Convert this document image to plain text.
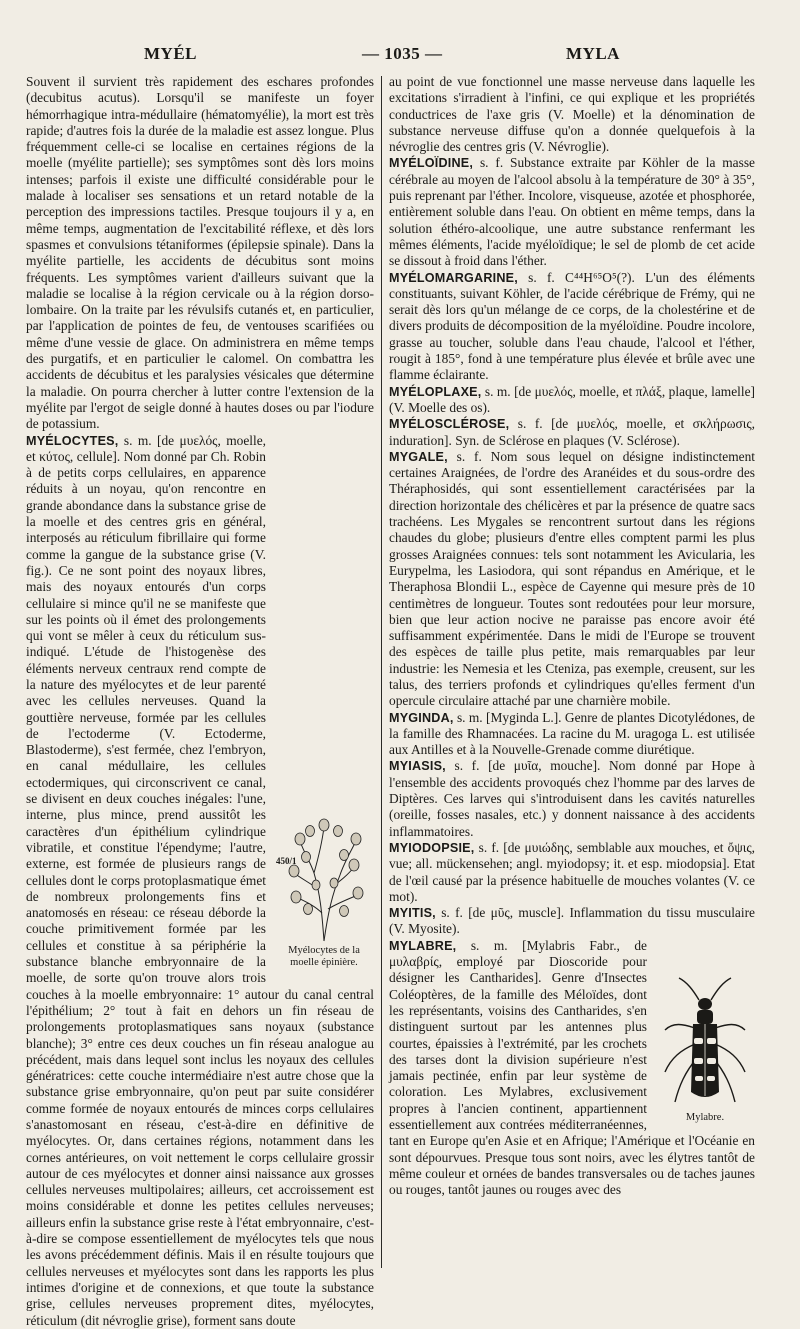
MYÉL	— 1035 —	MYLA

Souvent il survient très rapidement des eschares profondes (decubitus acutus). Lorsqu'il se manifeste un foyer hémorrhagique intra-médullaire (hématomyélie), la mort est très rapide; d'autres fois la durée de la maladie est assez longue. Plus fréquemment celle-ci se localise en certaines régions de la moelle (myélite partielle); ses symptômes sont dès lors moins intenses; parfois il existe une difficulté considérable pour le malade à localiser ses sensations et un retard notable de la perception des impressions tactiles. Presque toujours il y a, en même temps, augmentation de l'excitabilité réflexe, et dès lors spasmes et convulsions tétaniformes (épilepsie spinale). Dans la myélite partielle, les accidents de décubitus sont moins fréquents. Les symptômes varient d'ailleurs suivant que la maladie se localise à la région cervicale ou à la région dorso-lombaire. On la traite par les révulsifs cutanés et, en particulier, par l'application de pointes de feu, de ventouses scarifiées ou même d'une vessie de glace. On administrera en même temps des purgatifs, et en particulier le calomel. On combattra les accidents de décubitus et les paralysies vésicales que détermine la maladie. On pourra chercher à lutter contre l'extension de la myélite par l'ergot de seigle donné à hautes doses ou par l'iodure de potassium.

450/1
Myélocytes de la moelle épinière.

MYÉLOCYTES, s. m. [de μυελός, moelle, et κύτος, cellule]. Nom donné par Ch. Robin à de petits corps cellulaires, en apparence réduits à un noyau, qu'on rencontre en grande abondance dans la substance grise de la moelle et des centres gris en général, interposés au réticulum fibrillaire qui forme comme la gangue de la substance grise (V. fig.). Ce ne sont point des noyaux libres, mais des noyaux entourés d'un corps cellulaire si mince qu'il ne se manifeste que sur les points où il émet des prolongements qui vont se mêler à ceux du réticulum sus-indiqué. L'étude de l'histogenèse des éléments nerveux centraux rend compte de la nature des myélocytes et de leur parenté avec les cellules nerveuses. Quand la gouttière nerveuse, formée par les cellules de l'ectoderme (V. Ectoderme, Blastoderme), s'est fermée, chez l'embryon, en canal médullaire, les cellules ectodermiques, qui circonscrivent ce canal, se divisent en deux couches inégales: l'une, interne, plus mince, prend aussitôt les caractères d'un épithélium cylindrique vibratile, et constitue l'épendyme; l'autre, externe, est formée de plusieurs rangs de cellules dont le corps protoplasmatique émet de nombreux prolongements fins et anatomosés en réseau: ce réseau déborde la couche primitivement formée par les cellules et constitue à sa périphérie la substance blanche embryonnaire de la moelle, de sorte qu'on trouve alors trois couches à la moelle embryonnaire: 1° autour du canal central l'épithélium; 2° tout à fait en dehors un fin réseau de prolongements protoplasmatiques sans noyaux (substance blanche); 3° entre ces deux couches un fin réseau analogue au précédent, mais dans lequel sont inclus les noyaux des cellules génératrices: cette couche intermédiaire n'est autre chose que la substance grise embryonnaire, qu'on peut par suite considérer comme formée de noyaux entourés de minces corps cellulaires s'anastomosant en réseau, c'est-à-dire en définitive de myélocytes. Or, dans certaines régions, notamment dans les cornes antérieures, on voit nettement le corps cellulaire grossir autour de ces myélocytes et donner ainsi naissance aux grosses cellules nerveuses multipolaires; ailleurs, cet accroissement est moins considérable et donne les petites cellules nerveuses; ailleurs enfin la substance grise reste à l'état embryonnaire, c'est-à-dire se compose essentiellement de myélocytes tels que nous les avons précédemment définis. Mais il en résulte toujours que cellules nerveuses et myélocytes sont dans les rapports les plus intimes d'origine et de connexions, et que toute la substance grise, cellules nerveuses proprement dites, myélocytes, réticulum (dit névroglie grise), forment sans doute

au point de vue fonctionnel une masse nerveuse dans laquelle les excitations s'irradient à l'infini, ce qui explique et les propriétés conductrices de l'axe gris (V. Moelle) et la dénomination de substance nerveuse diffuse qu'on a donnée quelquefois à la névroglie des centres gris (V. Névroglie).

MYÉLOÏDINE, s. f. Substance extraite par Köhler de la masse cérébrale au moyen de l'alcool absolu à la température de 30° à 35°, puis reprenant par l'éther. Incolore, visqueuse, azotée et phosphorée, entièrement soluble dans l'eau. On obtient en même temps, dans la solution éthéro-alcoolique, une autre substance renfermant les mêmes éléments, l'acide myéloïdique; le sel de plomb de cet acide se dissout à froid dans l'éther.

MYÉLOMARGARINE, s. f. C⁴⁴H⁶⁵O⁵(?). L'un des éléments constituants, suivant Köhler, de l'acide cérébrique de Frémy, qui ne serait dès lors qu'un mélange de ce corps, de la cholestérine et de divers produits de décomposition de la myéloïdine. Poudre incolore, grasse au toucher, soluble dans l'eau chaude, l'alcool et l'éther, rougit à 185°, fond à une température plus élevée et brûle avec une flamme éclairante.

MYÉLOPLAXE, s. m. [de μυελός, moelle, et πλάξ, plaque, lamelle] (V. Moelle des os).

MYÉLOSCLÉROSE, s. f. [de μυελός, moelle, et σκλήρωσις, induration]. Syn. de Sclérose en plaques (V. Sclérose).

MYGALE, s. f. Nom sous lequel on désigne indistinctement certaines Araignées, de l'ordre des Aranéides et du sous-ordre des Théraphosidés, qui sont essentiellement caractérisées par la direction horizontale des chélicères et par la présence de quatre sacs trachéens. Les Mygales se rencontrent surtout dans les régions chaudes du globe; plusieurs d'entre elles comptent parmi les plus grosses Araignées connues: tels sont notamment les Avicularia, les Eurypelma, les Lasiodora, qui sont répandus en Amérique, et le Theraphosa Blondii L., espèce de Cayenne qui mesure près de 10 centimètres de longueur. Toutes sont redoutées pour leur morsure, bien que leur action nocive ne paraisse pas encore avoir été suffisamment expérimentée. Dans le midi de l'Europe se trouvent des espèces de taille plus petite, mais remarquables par leur industrie: les Nemesia et les Cteniza, pas exemple, creusent, sur les talus, des terriers profonds et cylindriques qu'elles ferment d'un opercule circulaire attaché par une charnière mobile.

MYGINDA, s. m. [Myginda L.]. Genre de plantes Dicotylédones, de la famille des Rhamnacées. La racine du M. uragoga L. est utilisée aux Antilles et à la Nouvelle-Grenade comme diurétique.

MYIASIS, s. f. [de μυῖα, mouche]. Nom donné par Hope à l'ensemble des accidents provoqués chez l'homme par des larves de Diptères. Ces larves qui s'introduisent dans les cavités naturelles (oreille, fosses nasales, etc.) y donnent naissance à des accidents inflammatoires.

MYIODOPSIE, s. f. [de μυιώδης, semblable aux mouches, et ὄψις, vue; all. mückensehen; angl. myiodopsy; it. et esp. miodopsia]. Etat de l'œil causé par la présence habituelle de mouches volantes (V. ce mot).

MYITIS, s. f. [de μῦς, muscle]. Inflammation du tissu musculaire (V. Myosite).

Mylabre.

MYLABRE, s. m. [Mylabris Fabr., de μυλαβρίς, employé par Dioscoride pour désigner les Cantharides]. Genre d'Insectes Coléoptères, de la famille des Méloïdes, dont les représentants, voisins des Cantharides, s'en distinguent surtout par les antennes plus courtes, épaissies à l'extrémité, par les crochets des tarses dont la division supérieure n'est jamais pectinée, enfin par leur système de coloration. Les Mylabres, exclusivement propres à l'ancien continent, appartiennent essentiellement aux contrées méditerranéennes, tant en Europe qu'en Asie et en Afrique; l'Amérique et l'Océanie en sont dépourvues. Presque tous sont noirs, avec les élytres tantôt de même couleur et ornées de bandes transversales ou de taches jaunes ou rouges, tantôt jaunes ou rouges avec des
